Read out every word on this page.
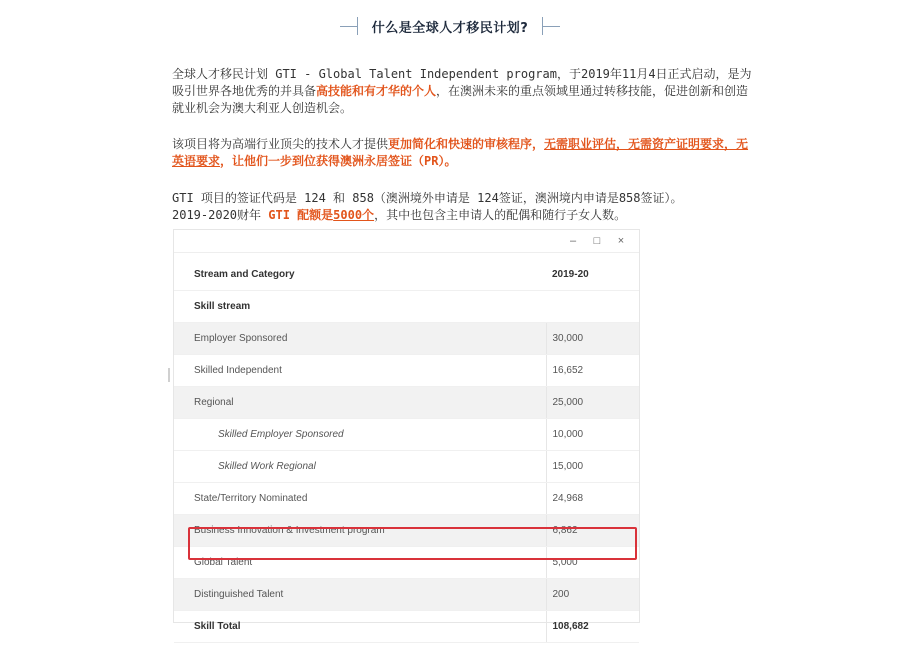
什么是全球人才移民计划?
全球人才移民计划 GTI - Global Talent Independent program，于2019年11月4日正式启动，是为吸引世界各地优秀的并具备高技能和有才华的个人，在澳洲未来的重点领域里通过转移技能，促进创新和创造就业机会为澳大利亚人创造机会。
该项目将为高端行业顶尖的技术人才提供更加简化和快速的审核程序，无需职业评估，无需资产证明要求，无英语要求，让他们一步到位获得澳洲永居签证（PR）。
GTI 项目的签证代码是 124 和 858（澳洲境外申请是 124签证，澳洲境内申请是858签证）。
2019-2020财年 GTI 配额是5000个，其中也包含主申请人的配偶和随行子女人数。
–	□	×
Stream and Category	2019-20
Skill stream	
Employer Sponsored	30,000
Skilled Independent	16,652
Regional	25,000
Skilled Employer Sponsored	10,000
Skilled Work Regional	15,000
State/Territory Nominated	24,968
Business Innovation & Investment program	6,862
Global Talent	5,000
Distinguished Talent	200
Skill Total	108,682
